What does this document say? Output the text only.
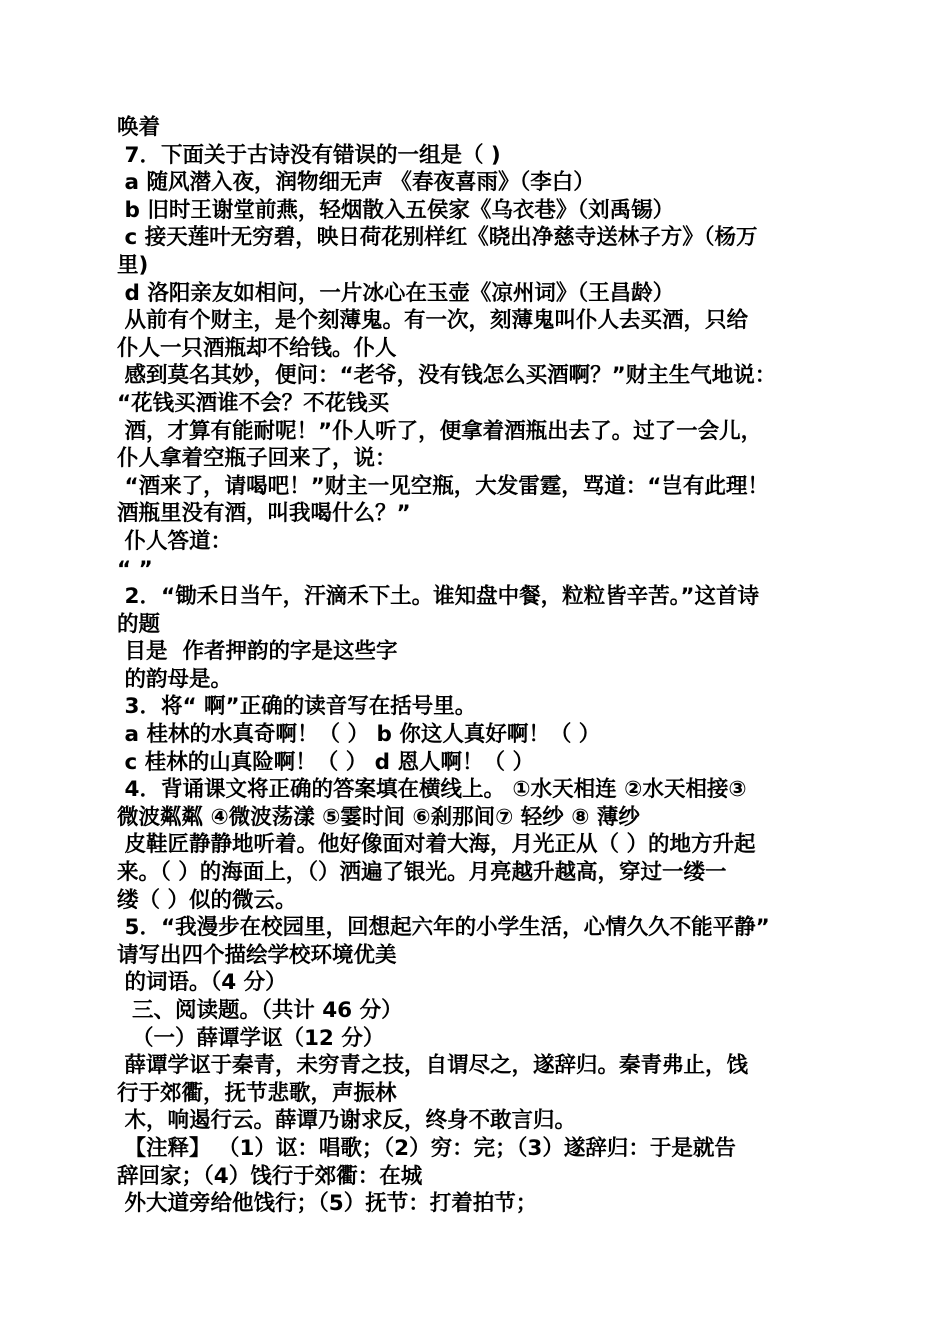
唤着
7．下面关于古诗没有错误的一组是（ )
a 随风潜入夜，润物细无声 《春夜喜雨》（李白）
b 旧时王谢堂前燕，轻烟散入五侯家《乌衣巷》（刘禹锡）
c 接天莲叶无穷碧，映日荷花别样红《晓出净慈寺送林子方》（杨万
里)
d 洛阳亲友如相问，一片冰心在玉壶《凉州词》（王昌龄）
从前有个财主，是个刻薄鬼。有一次，刻薄鬼叫仆人去买酒，只给
仆人一只酒瓶却不给钱。仆人
感到莫名其妙，便问：“老爷，没有钱怎么买酒啊？”财主生气地说：
“花钱买酒谁不会？不花钱买
酒，才算有能耐呢！”仆人听了，便拿着酒瓶出去了。过了一会儿，
仆人拿着空瓶子回来了，说：
“酒来了，请喝吧！”财主一见空瓶，大发雷霆，骂道：“岂有此理！
酒瓶里没有酒，叫我喝什么？”
仆人答道：
“ ”
2．“锄禾日当午，汗滴禾下土。谁知盘中餐，粒粒皆辛苦。”这首诗
的题
目是  作者押韵的字是这些字
的韵母是。
3．将“ 啊”正确的读音写在括号里。
a 桂林的水真奇啊！（ ） b 你这人真好啊！（ ）
c 桂林的山真险啊！（ ） d 恩人啊！（ ）
4．背诵课文将正确的答案填在横线上。 ①水天相连 ②水天相接③
微波粼粼 ④微波荡漾 ⑤霎时间 ⑥刹那间⑦ 轻纱 ⑧ 薄纱
皮鞋匠静静地听着。他好像面对着大海，月光正从（ ）的地方升起
来。（ ）的海面上，（）洒遍了银光。月亮越升越高，穿过一缕一
缕（ ）似的微云。
5．“我漫步在校园里，回想起六年的小学生活，心情久久不能平静”
请写出四个描绘学校环境优美
的词语。（4 分）
三、阅读题。（共计 46 分）
（一）薛谭学讴（12 分）
薛谭学讴于秦青，未穷青之技，自谓尽之，遂辞归。秦青弗止，饯
行于郊衢，抚节悲歌，声振林
木，响遏行云。薛谭乃谢求反，终身不敢言归。
【注释】 （1）讴：唱歌；（2）穷：完；（3）遂辞归：于是就告
辞回家；（4）饯行于郊衢：在城
外大道旁给他饯行；（5）抚节：打着拍节；
